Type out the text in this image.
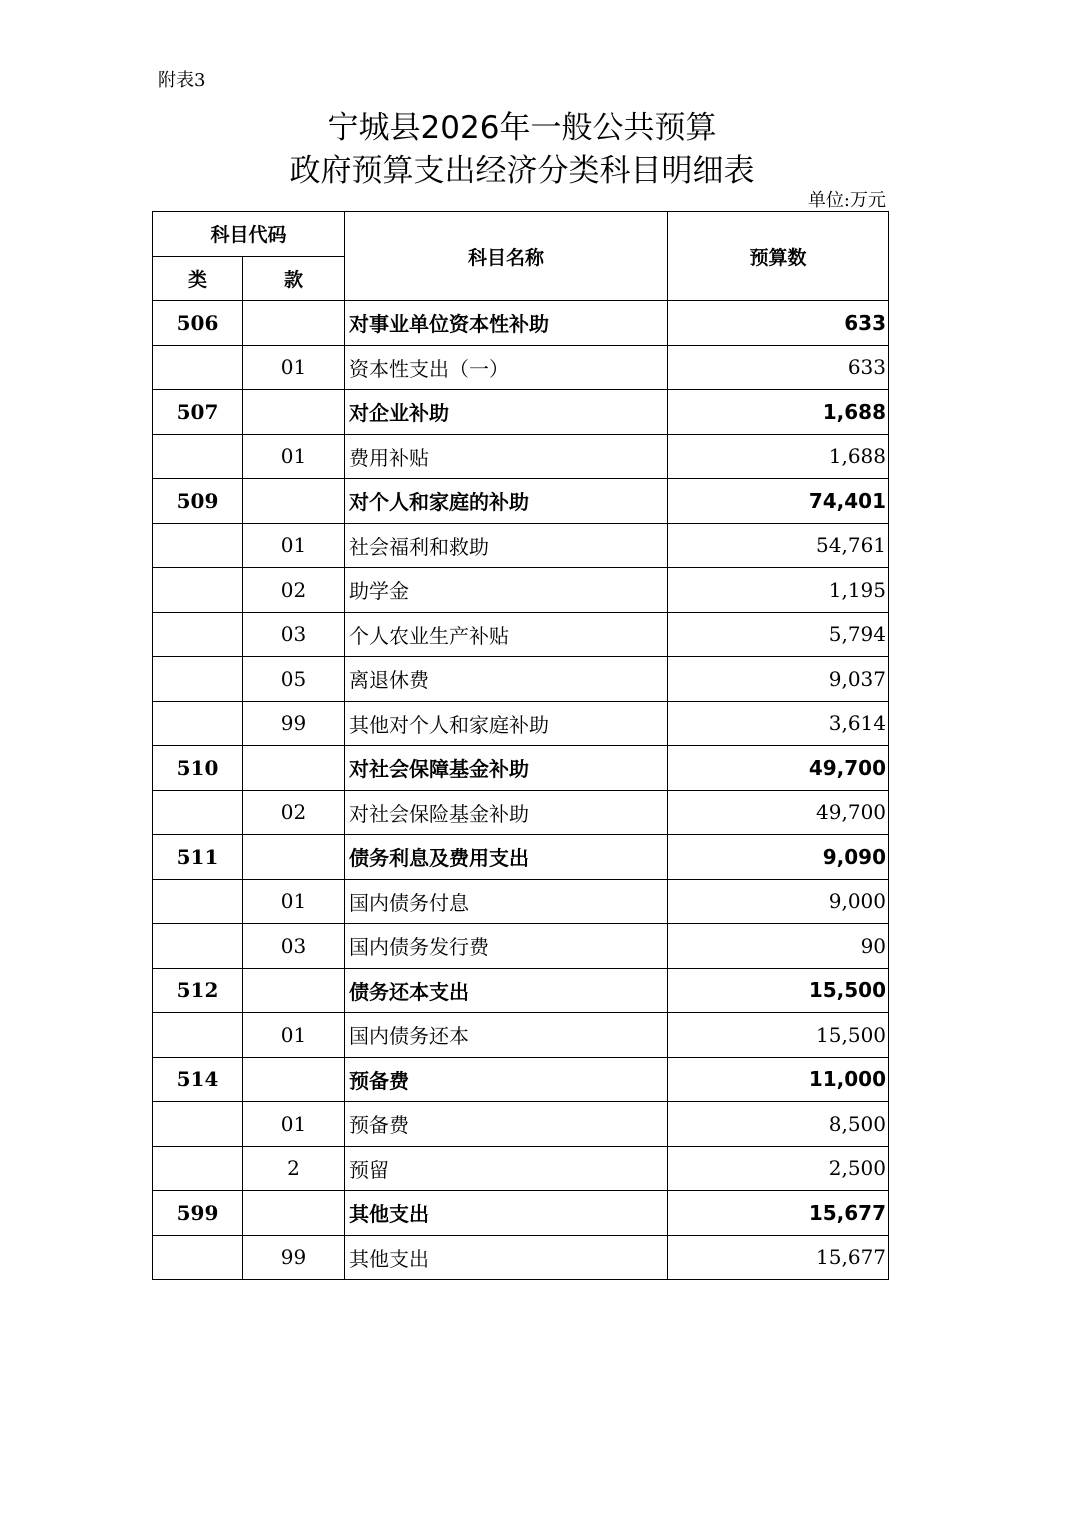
附表3
宁城县2026年一般公共预算
政府预算支出经济分类科目明细表
单位:万元
科目代码		科目名称	预算数
类	款		
506		对事业单位资本性补助	633
	01	资本性支出（一）	633
507		对企业补助	1,688
	01	费用补贴	1,688
509		对个人和家庭的补助	74,401
	01	社会福利和救助	54,761
	02	助学金	1,195
	03	个人农业生产补贴	5,794
	05	离退休费	9,037
	99	其他对个人和家庭补助	3,614
510		对社会保障基金补助	49,700
	02	对社会保险基金补助	49,700
511		债务利息及费用支出	9,090
	01	国内债务付息	9,000
	03	国内债务发行费	90
512		债务还本支出	15,500
	01	国内债务还本	15,500
514		预备费	11,000
	01	预备费	8,500
	2	预留	2,500
599		其他支出	15,677
	99	其他支出	15,677
